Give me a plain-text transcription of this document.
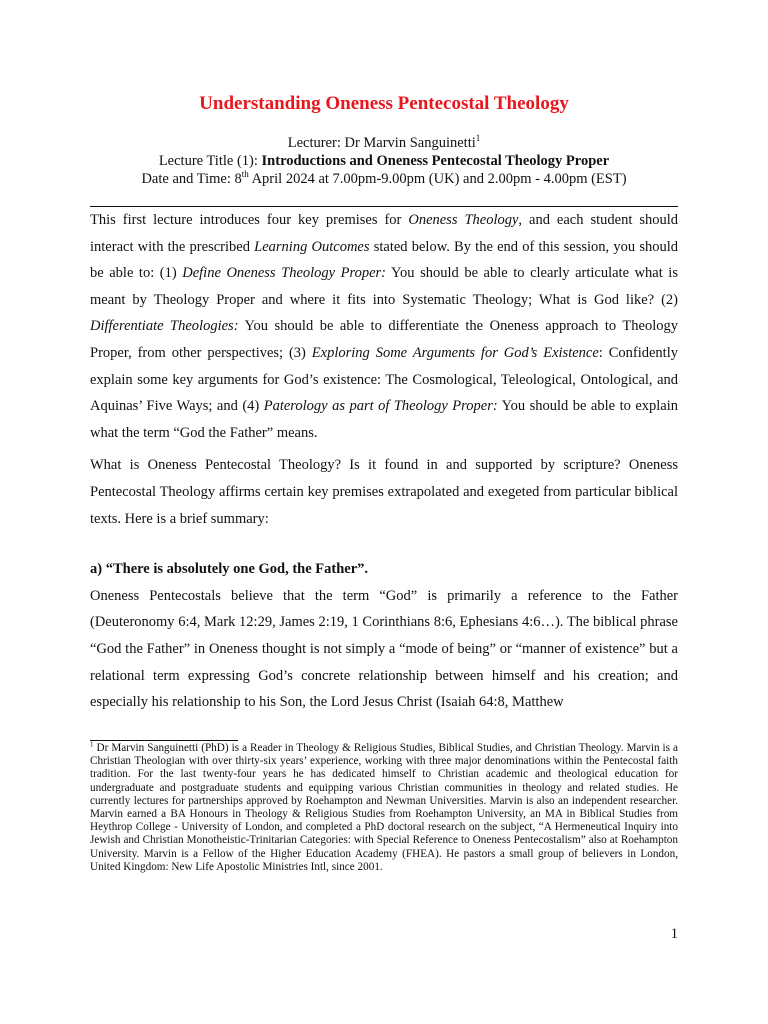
Understanding Oneness Pentecostal Theology
Lecturer: Dr Marvin Sanguinetti$^1$
Lecture Title (1): Introductions and Oneness Pentecostal Theology Proper
Date and Time: 8th April 2024 at 7.00pm-9.00pm (UK) and 2.00pm - 4.00pm (EST)

This first lecture introduces four key premises for Oneness Theology, and each student should interact with the prescribed Learning Outcomes stated below. By the end of this session, you should be able to: (1) Define Oneness Theology Proper: You should be able to clearly articulate what is meant by Theology Proper and where it fits into Systematic Theology; What is God like? (2) Differentiate Theologies: You should be able to differentiate the Oneness approach to Theology Proper, from other perspectives; (3) Exploring Some Arguments for God’s Existence: Confidently explain some key arguments for God’s existence: The Cosmological, Teleological, Ontological, and Aquinas’ Five Ways; and (4) Paterology as part of Theology Proper: You should be able to explain what the term “God the Father” means.

What is Oneness Pentecostal Theology? Is it found in and supported by scripture? Oneness Pentecostal Theology affirms certain key premises extrapolated and exegeted from particular biblical texts. Here is a brief summary:

a) “There is absolutely one God, the Father”.

Oneness Pentecostals believe that the term “God” is primarily a reference to the Father (Deuteronomy 6:4, Mark 12:29, James 2:19, 1 Corinthians 8:6, Ephesians 4:6…). The biblical phrase “God the Father” in Oneness thought is not simply a “mode of being” or “manner of existence” but a relational term expressing God’s concrete relationship between himself and his creation; and especially his relationship to his Son, the Lord Jesus Christ (Isaiah 64:8, Matthew

$^1$ Dr Marvin Sanguinetti (PhD) is a Reader in Theology & Religious Studies, Biblical Studies, and Christian Theology. Marvin is a Christian Theologian with over thirty-six years’ experience, working with three major denominations within the Pentecostal faith tradition. For the last twenty-four years he has dedicated himself to Christian academic and theological education for undergraduate and postgraduate students and equipping various Christian communities in theology and related studies. He currently lectures for partnerships approved by Roehampton and Newman Universities. Marvin is also an independent researcher. Marvin earned a BA Honours in Theology & Religious Studies from Roehampton University, an MA in Biblical Studies from Heythrop College - University of London, and completed a PhD doctoral research on the subject, “A Hermeneutical Inquiry into Jewish and Christian Monotheistic-Trinitarian Categories: with Special Reference to Oneness Pentecostalism” also at Roehampton University. Marvin is a Fellow of the Higher Education Academy (FHEA). He pastors a small group of believers in London, United Kingdom: New Life Apostolic Ministries Intl, since 2001.
1
